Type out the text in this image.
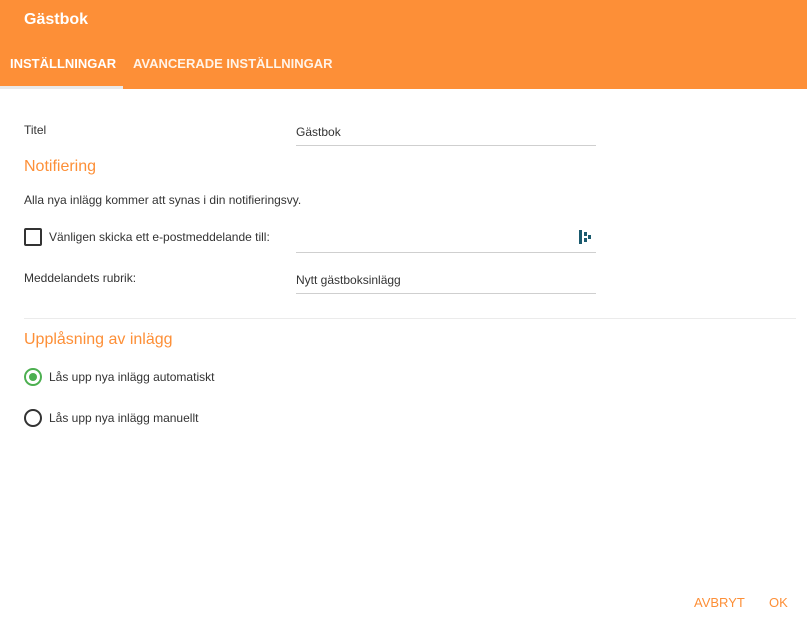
Gästbok
INSTÄLLNINGAR AVANCERADE INSTÄLLNINGAR
Titel
Gästbok
Notifiering
Alla nya inlägg kommer att synas i din notifieringsvy.
Vänligen skicka ett e-postmeddelande till:
Meddelandets rubrik:
Nytt gästboksinlägg
Upplåsning av inlägg
Lås upp nya inlägg automatiskt
Lås upp nya inlägg manuellt
AVBRYT OK
